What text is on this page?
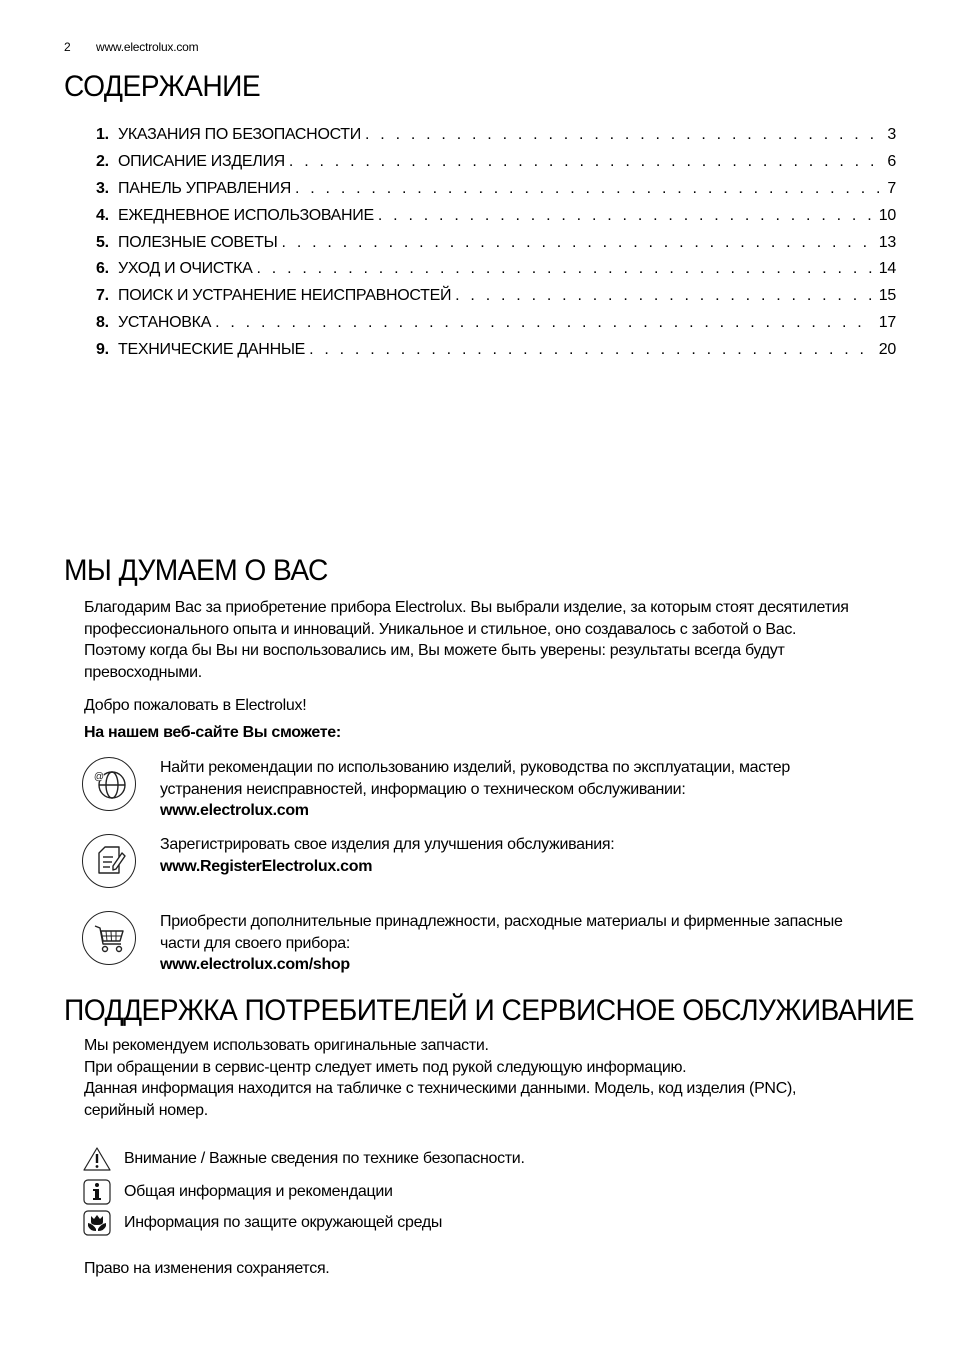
2 www.electrolux.com
СОДЕРЖАНИЕ
1. УКАЗАНИЯ ПО БЕЗОПАСНОСТИ . . .	3
2. ОПИСАНИЕ ИЗДЕЛИЯ . . .	6
3. ПАНЕЛЬ УПРАВЛЕНИЯ . . .	7
4. ЕЖЕДНЕВНОЕ ИСПОЛЬЗОВАНИЕ . . .	10
5. ПОЛЕЗНЫЕ СОВЕТЫ . . .	13
6. УХОД И ОЧИСТКА . . .	14
7. ПОИСК И УСТРАНЕНИЕ НЕИСПРАВНОСТЕЙ . . .	15
8. УСТАНОВКА . . .	17
9. ТЕХНИЧЕСКИЕ ДАННЫЕ . . .	20
МЫ ДУМАЕМ О ВАС
Благодарим Вас за приобретение прибора Electrolux. Вы выбрали изделие, за которым стоят десятилетия
профессионального опыта и инноваций. Уникальное и стильное, оно создавалось с заботой о Вас.
Поэтому когда бы Вы ни воспользовались им, Вы можете быть уверены: результаты всегда будут
превосходными.
Добро пожаловать в Electrolux!
На нашем веб-сайте Вы сможете:
@
Найти рекомендации по использованию изделий, руководства по эксплуатации, мастер
устранения неисправностей, информацию о техническом обслуживании:
www.electrolux.com
Зарегистрировать свое изделия для улучшения обслуживания:
www.RegisterElectrolux.com
Приобрести дополнительные принадлежности, расходные материалы и фирменные запасные
части для своего прибора:
www.electrolux.com/shop
ПОДДЕРЖКА ПОТРЕБИТЕЛЕЙ И СЕРВИСНОЕ ОБСЛУЖИВАНИЕ
Мы рекомендуем использовать оригинальные запчасти.
При обращении в сервис-центр следует иметь под рукой следующую информацию.
Данная информация находится на табличке с техническими данными. Модель, код изделия (PNC),
серийный номер.
Внимание / Важные сведения по технике безопасности.
Общая информация и рекомендации
Информация по защите окружающей среды
Право на изменения сохраняется.
